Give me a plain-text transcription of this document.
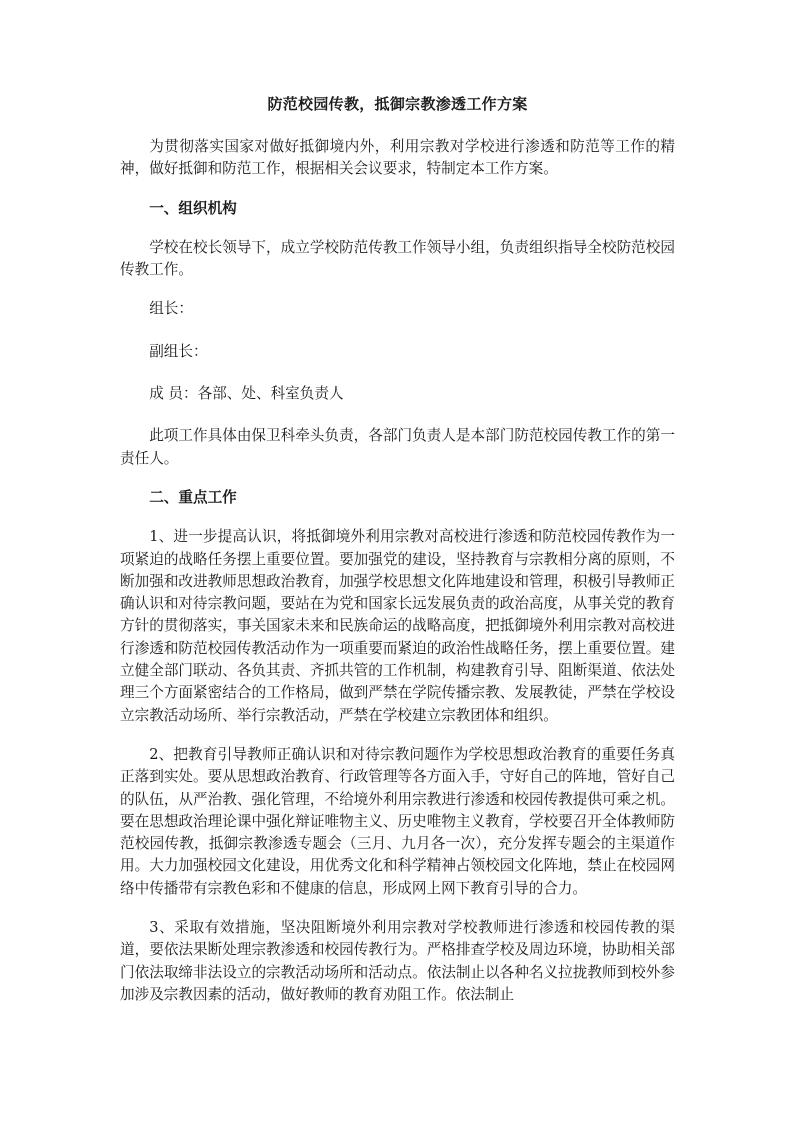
防范校园传教，抵御宗教渗透工作方案

为贯彻落实国家对做好抵御境内外，利用宗教对学校进行渗透和防范等工作的精神，做好抵御和防范工作，根据相关会议要求，特制定本工作方案。

一、组织机构

学校在校长领导下，成立学校防范传教工作领导小组，负责组织指导全校防范校园传教工作。

组长：

副组长：

成 员：各部、处、科室负责人

此项工作具体由保卫科牵头负责，各部门负责人是本部门防范校园传教工作的第一责任人。

二、重点工作

1、进一步提高认识，将抵御境外利用宗教对高校进行渗透和防范校园传教作为一项紧迫的战略任务摆上重要位置。要加强党的建设，坚持教育与宗教相分离的原则，不断加强和改进教师思想政治教育，加强学校思想文化阵地建设和管理，积极引导教师正确认识和对待宗教问题，要站在为党和国家长远发展负责的政治高度，从事关党的教育方针的贯彻落实，事关国家未来和民族命运的战略高度，把抵御境外利用宗教对高校进行渗透和防范校园传教活动作为一项重要而紧迫的政治性战略任务，摆上重要位置。建立健全部门联动、各负其责、齐抓共管的工作机制，构建教育引导、阻断渠道、依法处理三个方面紧密结合的工作格局，做到严禁在学院传播宗教、发展教徒，严禁在学校设立宗教活动场所、举行宗教活动，严禁在学校建立宗教团体和组织。

2、把教育引导教师正确认识和对待宗教问题作为学校思想政治教育的重要任务真正落到实处。要从思想政治教育、行政管理等各方面入手，守好自己的阵地，管好自己的队伍，从严治教、强化管理，不给境外利用宗教进行渗透和校园传教提供可乘之机。要在思想政治理论课中强化辩证唯物主义、历史唯物主义教育，学校要召开全体教师防范校园传教，抵御宗教渗透专题会（三月、九月各一次），充分发挥专题会的主渠道作用。大力加强校园文化建设，用优秀文化和科学精神占领校园文化阵地，禁止在校园网络中传播带有宗教色彩和不健康的信息，形成网上网下教育引导的合力。

3、采取有效措施，坚决阻断境外利用宗教对学校教师进行渗透和校园传教的渠道，要依法果断处理宗教渗透和校园传教行为。严格排查学校及周边环境，协助相关部门依法取缔非法设立的宗教活动场所和活动点。依法制止以各种名义拉拢教师到校外参加涉及宗教因素的活动，做好教师的教育劝阻工作。依法制止
